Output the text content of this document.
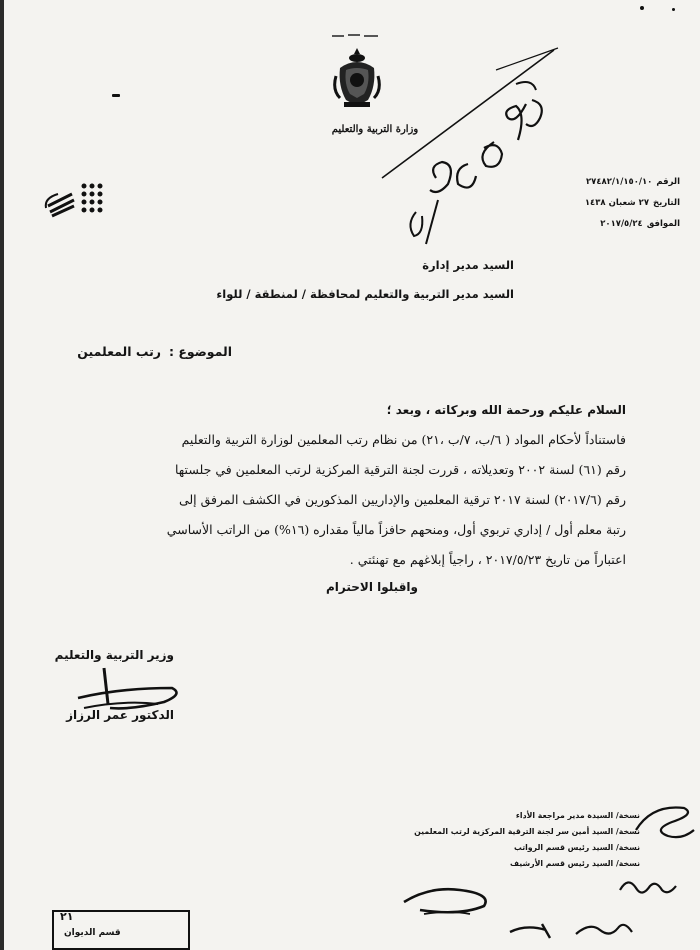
وزارة التربية والتعليم
الرقم
٢٧٤٨٢/١/١٥٠/١٠
التاريخ
٢٧ شعبان ١٤٣٨
الموافق
٢٠١٧/٥/٢٤
السيد مدير إدارة
السيد مدير التربية والتعليم لمحافظة / لمنطقة / للواء
الموضوع :
رتب المعلمين
السلام عليكم ورحمة الله وبركاته ، وبعد ؛
فاستناداً لأحكام المواد ( ٦/ب، ٧/ب ،٢١) من نظام رتب المعلمين لوزارة التربية والتعليم
رقم (٦١) لسنة ٢٠٠٢ وتعديلاته ، قررت لجنة الترقية المركزية لرتب المعلمين في جلستها
رقم (٢٠١٧/٦) لسنة ٢٠١٧ ترقية المعلمين والإداريين المذكورين في الكشف المرفق إلى
رتبة معلم أول / إداري تربوي أول، ومنحهم حافزاً مالياً مقداره (١٦%) من الراتب الأساسي
اعتباراً من تاريخ ٢٠١٧/٥/٢٣ ، راجياً إبلاغهم مع تهنئتي .
واقبلوا الاحترام
وزير التربية والتعليم
الدكتور عمر الرزاز
نسخة/ السيدة مدير مراجعة الأداء
نسخة/ السيد أمين سر لجنة الترقية المركزية لرتب المعلمين
نسخة/ السيد رئيس قسم الرواتب
نسخة/ السيد رئيس قسم الأرشيف
٢١
قسم الديوان
